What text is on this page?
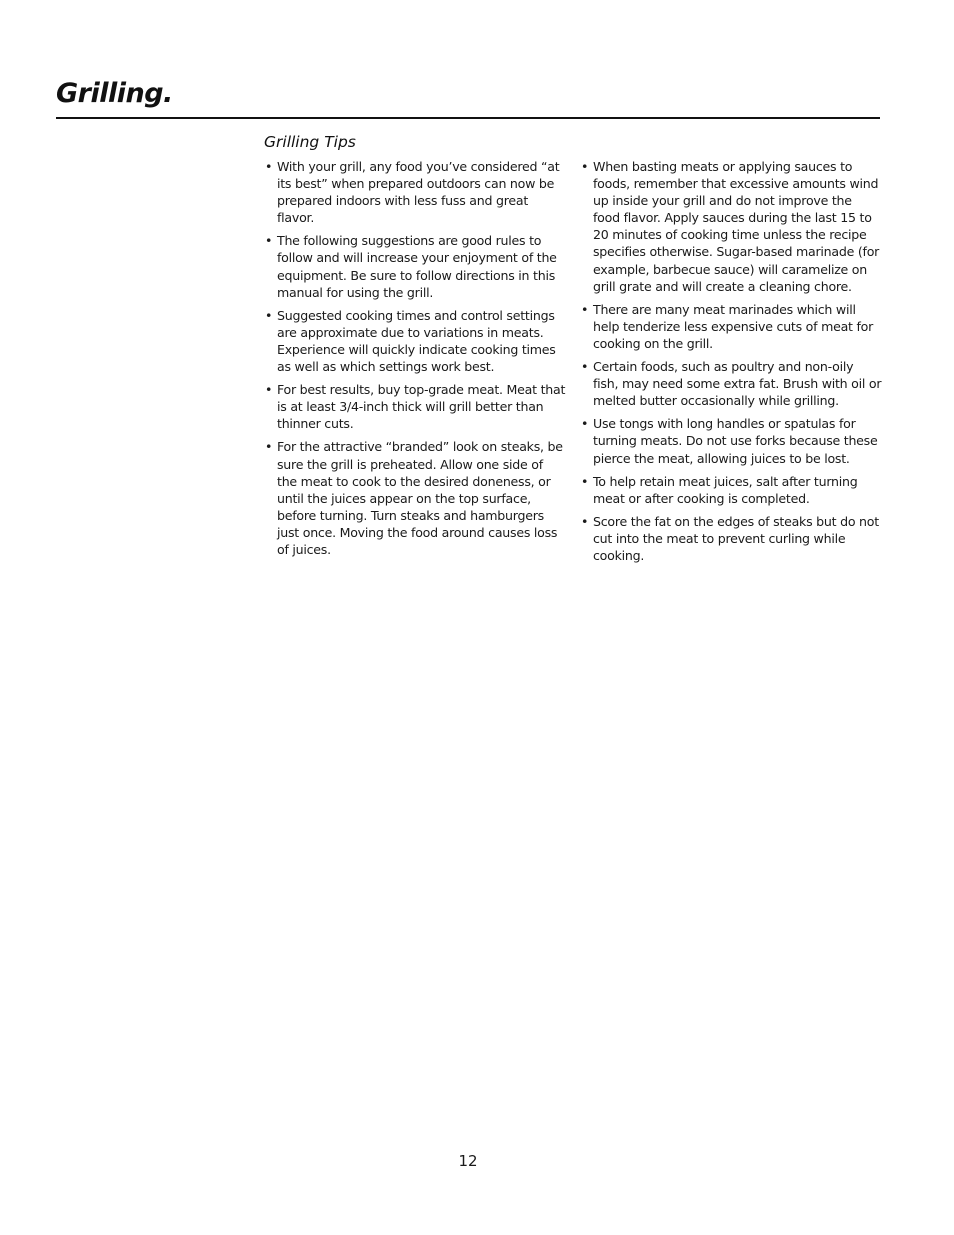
Grilling.
Grilling Tips
• With your grill, any food you’ve considered “at its best” when prepared outdoors can now be prepared indoors with less fuss and great flavor.
• The following suggestions are good rules to follow and will increase your enjoyment of the equipment. Be sure to follow directions in this manual for using the grill.
• Suggested cooking times and control settings are approximate due to variations in meats. Experience will quickly indicate cooking times as well as which settings work best.
• For best results, buy top-grade meat. Meat that is at least 3/4-inch thick will grill better than thinner cuts.
• For the attractive “branded” look on steaks, be sure the grill is preheated. Allow one side of the meat to cook to the desired doneness, or until the juices appear on the top surface, before turning. Turn steaks and hamburgers just once. Moving the food around causes loss of juices.
• When basting meats or applying sauces to foods, remember that excessive amounts wind up inside your grill and do not improve the food flavor. Apply sauces during the last 15 to 20 minutes of cooking time unless the recipe specifies otherwise. Sugar-based marinade (for example, barbecue sauce) will caramelize on grill grate and will create a cleaning chore.
• There are many meat marinades which will help tenderize less expensive cuts of meat for cooking on the grill.
• Certain foods, such as poultry and non-oily fish, may need some extra fat. Brush with oil or melted butter occasionally while grilling.
• Use tongs with long handles or spatulas for turning meats. Do not use forks because these pierce the meat, allowing juices to be lost.
• To help retain meat juices, salt after turning meat or after cooking is completed.
• Score the fat on the edges of steaks but do not cut into the meat to prevent curling while cooking.
12
